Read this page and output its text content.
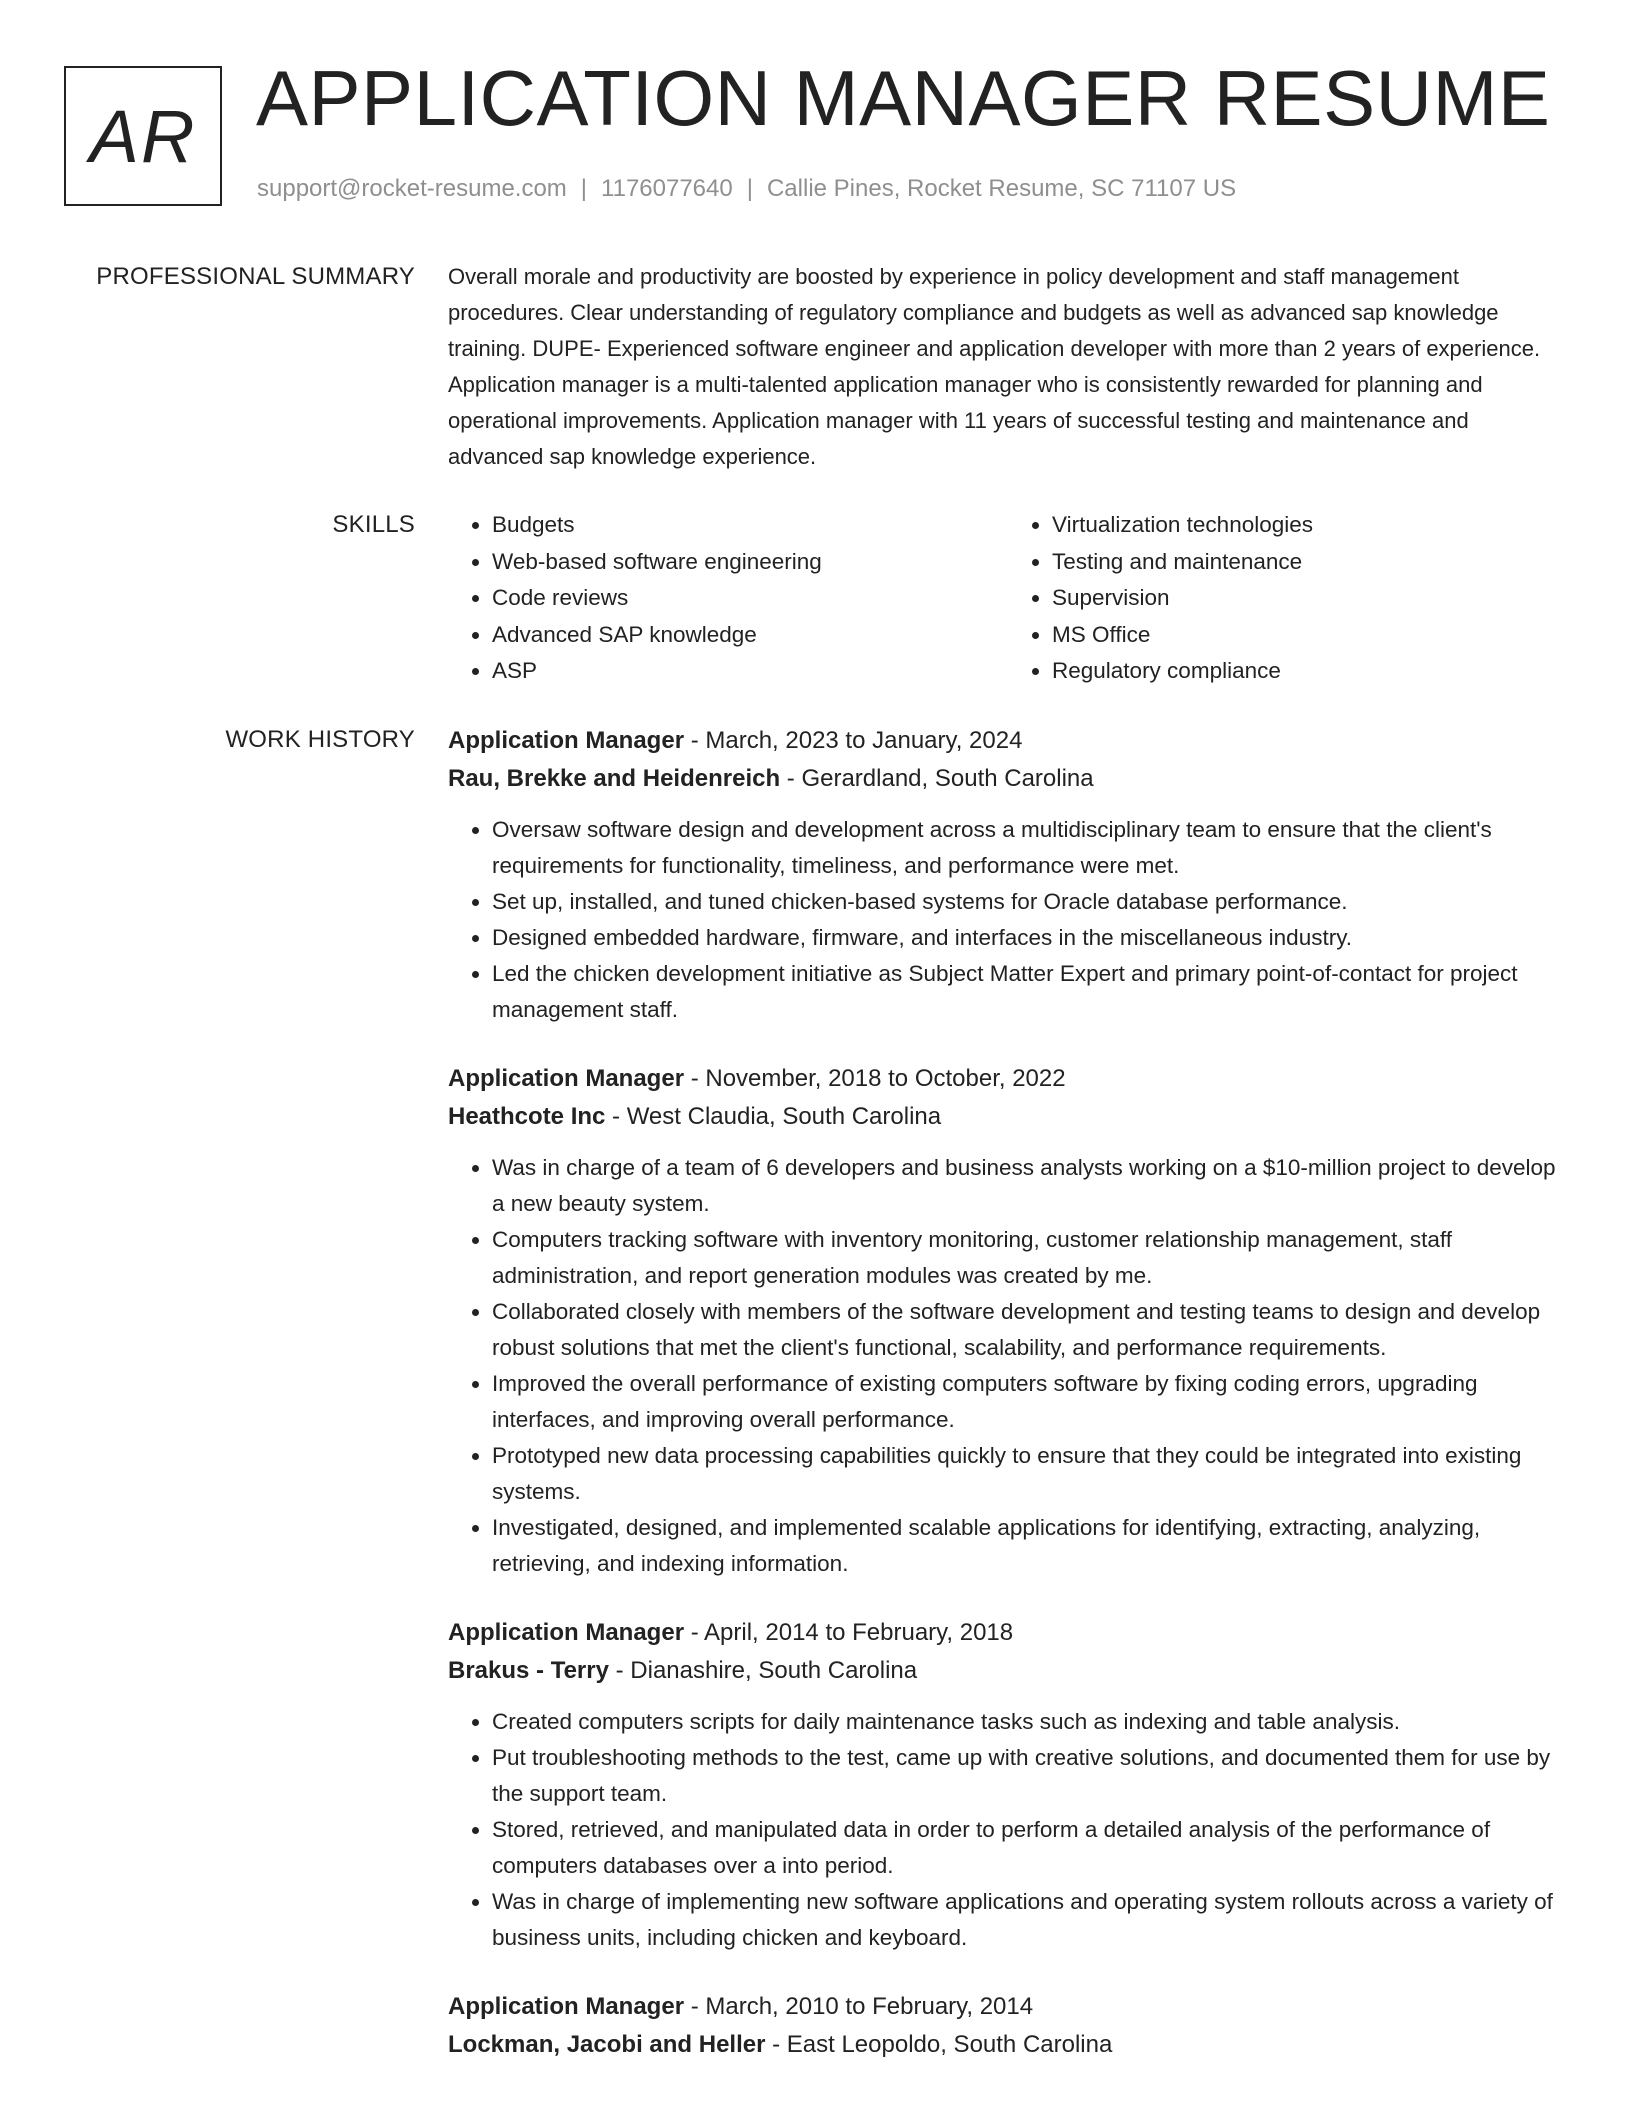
AR APPLICATION MANAGER RESUME
support@rocket-resume.com | 1176077640 | Callie Pines, Rocket Resume, SC 71107 US
PROFESSIONAL SUMMARY Overall morale and productivity are boosted by experience in policy development and staff management procedures. Clear understanding of regulatory compliance and budgets as well as advanced sap knowledge training. DUPE- Experienced software engineer and application developer with more than 2 years of experience. Application manager is a multi-talented application manager who is consistently rewarded for planning and operational improvements. Application manager with 11 years of successful testing and maintenance and advanced sap knowledge experience.

SKILLS
•	Budgets
• Web-based software engineering
• Code reviews
• Advanced SAP knowledge
• ASP
• Virtualization technologies
• Testing and maintenance
• Supervision
• MS Office
• Regulatory compliance
WORK HISTORY Application Manager - March, 2023 to January, 2024
Rau, Brekke and Heidenreich - Gerardland, South Carolina
• Oversaw software design and development across a multidisciplinary team to ensure that the client's requirements for functionality, timeliness, and performance were met.
• Set up, installed, and tuned chicken-based systems for Oracle database performance.
• Designed embedded hardware, firmware, and interfaces in the miscellaneous industry.
• Led the chicken development initiative as Subject Matter Expert and primary point-of-contact for project management staff.
Application Manager - November, 2018 to October, 2022
Heathcote Inc - West Claudia, South Carolina
• Was in charge of a team of 6 developers and business analysts working on a $10-million project to develop a new beauty system.
• Computers tracking software with inventory monitoring, customer relationship management, staff administration, and report generation modules was created by me.
• Collaborated closely with members of the software development and testing teams to design and develop robust solutions that met the client's functional, scalability, and performance requirements.
• Improved the overall performance of existing computers software by fixing coding errors, upgrading interfaces, and improving overall performance.
• Prototyped new data processing capabilities quickly to ensure that they could be integrated into existing systems.
• Investigated, designed, and implemented scalable applications for identifying, extracting, analyzing, retrieving, and indexing information.
Application Manager - April, 2014 to February, 2018
Brakus - Terry - Dianashire, South Carolina
• Created computers scripts for daily maintenance tasks such as indexing and table analysis.
• Put troubleshooting methods to the test, came up with creative solutions, and documented them for use by the support team.
• Stored, retrieved, and manipulated data in order to perform a detailed analysis of the performance of computers databases over a into period.
• Was in charge of implementing new software applications and operating system rollouts across a variety of business units, including chicken and keyboard.
Application Manager - March, 2010 to February, 2014
Lockman, Jacobi and Heller - East Leopoldo, South Carolina
